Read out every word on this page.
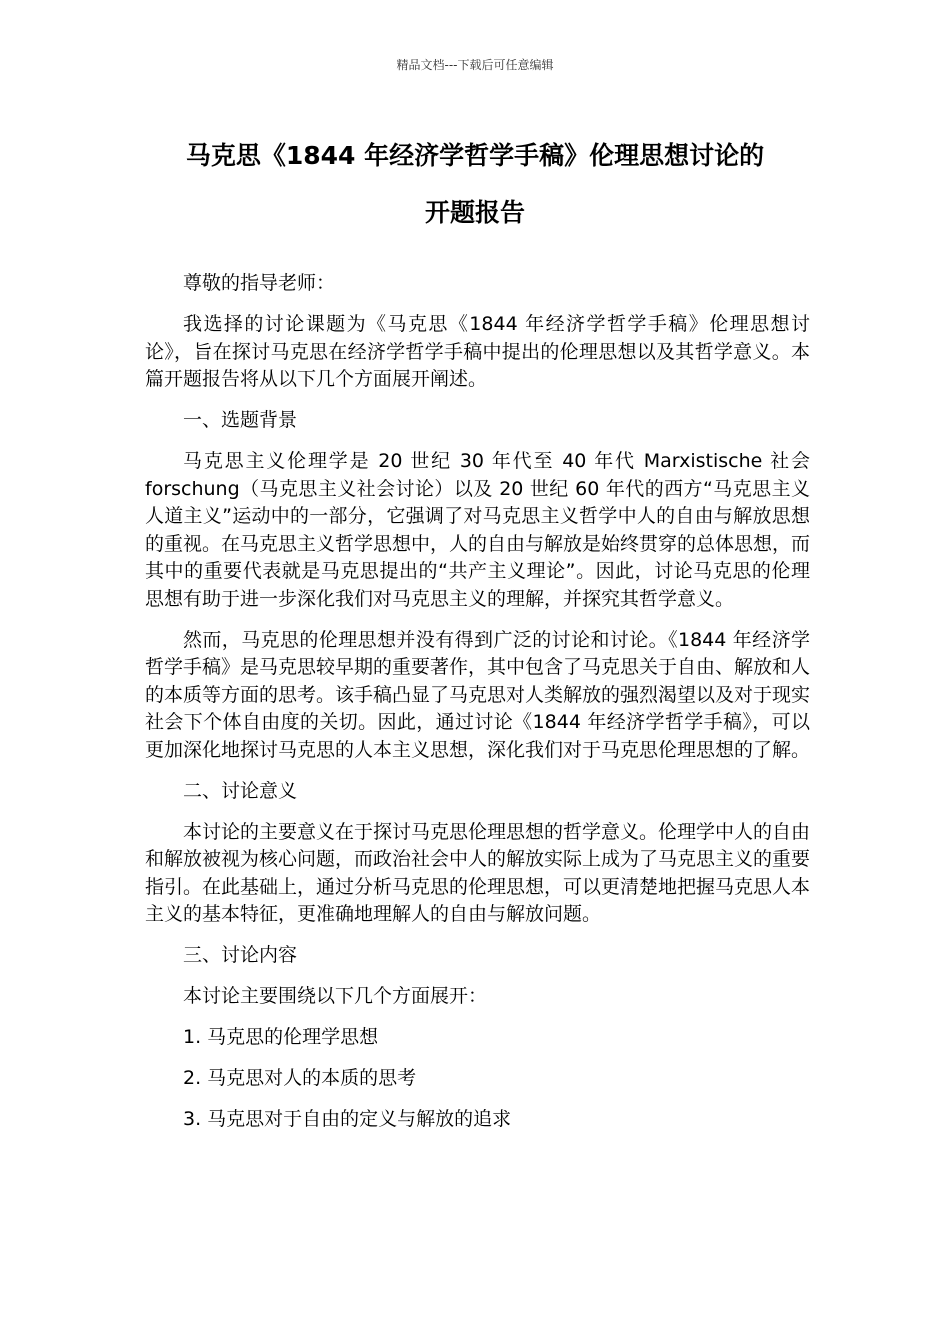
精品文档---下载后可任意编辑
马克思《1844 年经济学哲学手稿》伦理思想讨论的
开题报告

尊敬的指导老师：

我选择的讨论课题为《马克思《1844 年经济学哲学手稿》伦理思想讨论》，旨在探讨马克思在经济学哲学手稿中提出的伦理思想以及其哲学意义。本篇开题报告将从以下几个方面展开阐述。

一、选题背景

马克思主义伦理学是 20 世纪 30 年代至 40 年代 Marxistische 社会forschung（马克思主义社会讨论）以及 20 世纪 60 年代的西方“马克思主义人道主义”运动中的一部分，它强调了对马克思主义哲学中人的自由与解放思想的重视。在马克思主义哲学思想中，人的自由与解放是始终贯穿的总体思想，而其中的重要代表就是马克思提出的“共产主义理论”。因此，讨论马克思的伦理思想有助于进一步深化我们对马克思主义的理解，并探究其哲学意义。

然而，马克思的伦理思想并没有得到广泛的讨论和讨论。《1844 年经济学哲学手稿》是马克思较早期的重要著作，其中包含了马克思关于自由、解放和人的本质等方面的思考。该手稿凸显了马克思对人类解放的强烈渴望以及对于现实社会下个体自由度的关切。因此，通过讨论《1844 年经济学哲学手稿》，可以更加深化地探讨马克思的人本主义思想，深化我们对于马克思伦理思想的了解。

二、讨论意义

本讨论的主要意义在于探讨马克思伦理思想的哲学意义。伦理学中人的自由和解放被视为核心问题，而政治社会中人的解放实际上成为了马克思主义的重要指引。在此基础上，通过分析马克思的伦理思想，可以更清楚地把握马克思人本主义的基本特征，更准确地理解人的自由与解放问题。

三、讨论内容

本讨论主要围绕以下几个方面展开：

1. 马克思的伦理学思想

2. 马克思对人的本质的思考

3. 马克思对于自由的定义与解放的追求
